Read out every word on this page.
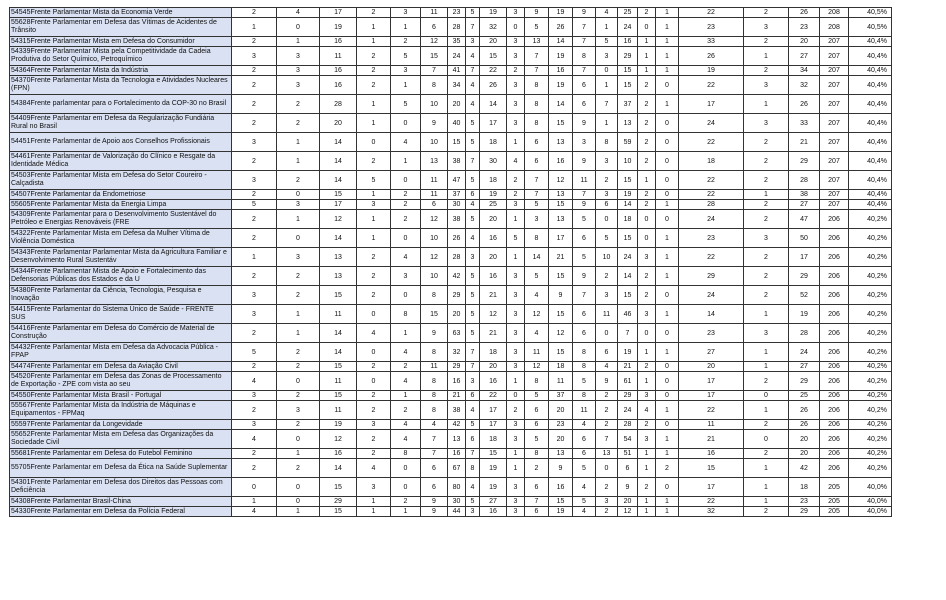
54545Frente Parlamentar Mista da Economia Verde	2	4	17	2	3	11	23	5	19	3	9	19	9	4	25	2	1	22	2	26	208	40,5%
55628Frente Parlamentar em Defesa das Vítimas de Acidentes de Trânsito	1	0	19	1	1	6	28	7	32	0	5	26	7	1	24	0	1	23	3	23	208	40,5%
54315Frente Parlamentar Mista em Defesa do Consumidor	2	1	16	1	2	12	35	3	20	3	13	14	7	5	16	1	1	33	2	20	207	40,4%
54339Frente Parlamentar Mista pela Competitividade da Cadeia Produtiva do Setor Químico, Petroquímico	3	3	11	2	5	15	24	4	15	3	7	19	8	3	29	1	1	26	1	27	207	40,4%
54364Frente Parlamentar Mista da Indústria	2	3	16	2	3	7	41	7	22	2	7	16	7	0	15	1	1	19	2	34	207	40,4%
54370Frente Parlamentar Mista da Tecnologia e Atividades Nucleares (FPN)	2	3	16	2	1	8	34	4	26	3	8	19	6	1	15	2	0	22	3	32	207	40,4%
54384Frente parlamentar para o Fortalecimento da COP-30 no Brasil	2	2	28	1	5	10	20	4	14	3	8	14	6	7	37	2	1	17	1	26	207	40,4%
54409Frente Parlamentar em Defesa da Regularização Fundiária Rural no Brasil	2	2	20	1	0	9	40	5	17	3	8	15	9	1	13	2	0	24	3	33	207	40,4%
54451Frente Parlamentar de Apoio aos Conselhos Profissionais	3	1	14	0	4	10	15	5	18	1	6	13	3	8	59	2	0	22	2	21	207	40,4%
54461Frente Parlamentar de Valorização do Clínico e Resgate da Identidade Médica	2	1	14	2	1	13	38	7	30	4	6	16	9	3	10	2	0	18	2	29	207	40,4%
54503Frente Parlamentar Mista em Defesa do Setor Coureiro - Calçadista	3	2	14	5	0	11	47	5	18	2	7	12	11	2	15	1	0	22	2	28	207	40,4%
54507Frente Parlamentar da Endometriose	2	0	15	1	2	11	37	6	19	2	7	13	7	3	19	2	0	22	1	38	207	40,4%
55605Frente Parlamentar Mista da Energia Limpa	5	3	17	3	2	6	30	4	25	3	5	15	9	6	14	2	1	28	2	27	207	40,4%
54309Frente Parlamentar para o Desenvolvimento Sustentável do Petróleo e Energias Renováveis (FRE	2	1	12	1	2	12	38	5	20	1	3	13	5	0	18	0	0	24	2	47	206	40,2%
54322Frente Parlamentar Mista em Defesa da Mulher Vítima de Violência Doméstica	2	0	14	1	0	10	26	4	16	5	8	17	6	5	15	0	1	23	3	50	206	40,2%
54343Frente Parlamentar Parlamentar Mista da Agricultura Familiar e Desenvolvimento Rural Sustentáv	1	3	13	2	4	12	28	3	20	1	14	21	5	10	24	3	1	22	2	17	206	40,2%
54344Frente Parlamentar Mista de Apoio e Fortalecimento das Defensorias Públicas dos Estados e da U	2	2	13	2	3	10	42	5	16	3	5	15	9	2	14	2	1	29	2	29	206	40,2%
54380Frente Parlamentar da Ciência, Tecnologia, Pesquisa e Inovação	3	2	15	2	0	8	29	5	21	3	4	9	7	3	15	2	0	24	2	52	206	40,2%
54415Frente Parlamentar do Sistema Único de Saúde - FRENTE SUS	3	1	11	0	8	15	20	5	12	3	12	15	6	11	46	3	1	14	1	19	206	40,2%
54416Frente Parlamentar em Defesa do Comércio de Material de Construção	2	1	14	4	1	9	63	5	21	3	4	12	6	0	7	0	0	23	3	28	206	40,2%
54432Frente Parlamentar Mista em Defesa da Advocacia Pública - FPAP	5	2	14	0	4	8	32	7	18	3	11	15	8	6	19	1	1	27	1	24	206	40,2%
54474Frente Parlamentar em Defesa da Aviação Civil	2	2	15	2	2	11	29	7	20	3	12	18	8	4	21	2	0	20	1	27	206	40,2%
54520Frente Parlamentar em Defesa das Zonas de Processamento de Exportação - ZPE com vista ao seu	4	0	11	0	4	8	16	3	16	1	8	11	5	9	61	1	0	17	2	29	206	40,2%
54550Frente Parlamentar Mista Brasil - Portugal	3	2	15	2	1	8	21	6	22	0	5	37	8	2	29	3	0	17	0	25	206	40,2%
55567Frente Parlamentar Mista da Indústria de Máquinas e Equipamentos - FPMaq	2	3	11	2	2	8	38	4	17	2	6	20	11	2	24	4	1	22	1	26	206	40,2%
55597Frente Parlamentar da Longevidade	3	2	19	3	4	4	42	5	17	3	6	23	4	2	28	2	0	11	2	26	206	40,2%
55652Frente Parlamentar Mista em Defesa das Organizações da Sociedade Civil	4	0	12	2	4	7	13	6	18	3	5	20	6	7	54	3	1	21	0	20	206	40,2%
55681Frente Parlamentar em Defesa do Futebol Feminino	2	1	16	2	8	7	16	7	15	1	8	13	6	13	51	1	1	16	2	20	206	40,2%
55705Frente Parlamentar em Defesa da Ética na Saúde Suplementar	2	2	14	4	0	6	67	8	19	1	2	9	5	0	6	1	2	15	1	42	206	40,2%
54301Frente Parlamentar em Defesa dos Direitos das Pessoas com Deficiência	0	0	15	3	0	6	80	4	19	3	6	16	4	2	9	2	0	17	1	18	205	40,0%
54308Frente Parlamentar Brasil-China	1	0	29	1	2	9	30	5	27	3	7	15	5	3	20	1	1	22	1	23	205	40,0%
54330Frente Parlamentar em Defesa da Polícia Federal	4	1	15	1	1	9	44	3	16	3	6	19	4	2	12	1	1	32	2	29	205	40,0%
